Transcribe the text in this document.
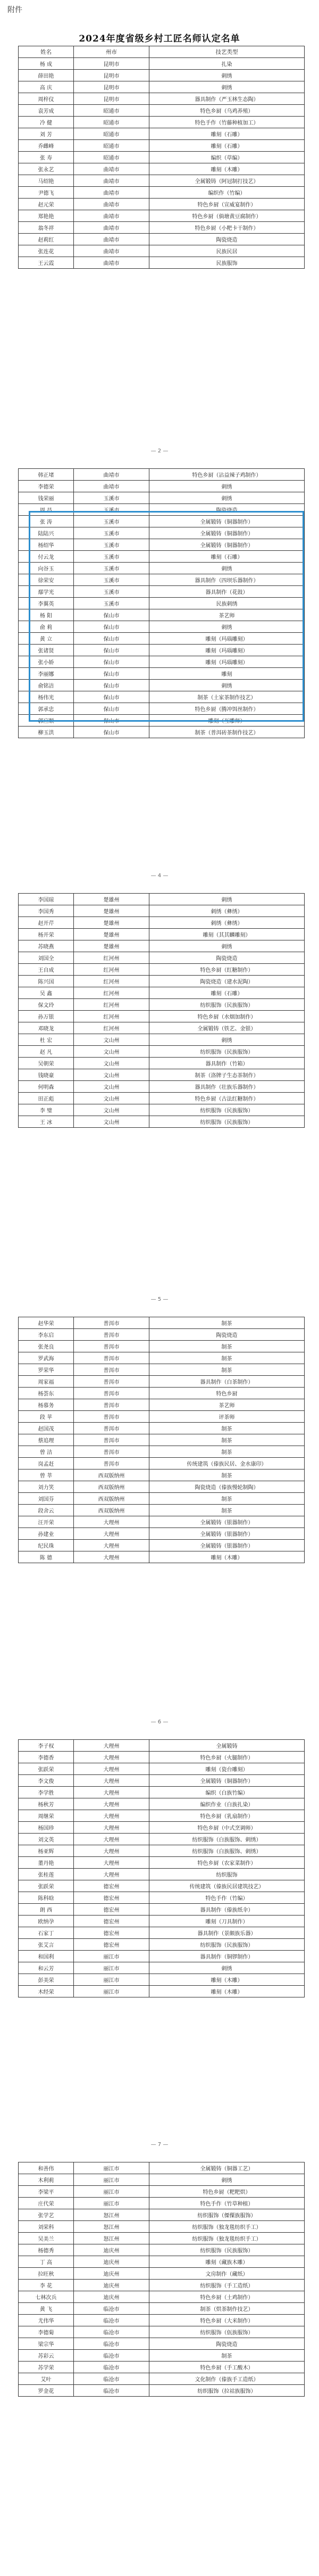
附件
2024年度省级乡村工匠名师认定名单
姓名	州市	技艺类型
杨 成	昆明市	扎染
薛田艳	昆明市	刺绣
高 庆	昆明市	刺绣
周梓仪	昆明市	器具制作（严玉林生态陶）
袁芳成	昭通市	特色乡厨（乌鸡养殖）
冷 健	昭通市	特色手作（竹藤种植加工）
刘 芳	昭通市	雕刻（石雕）
乔雌峰	昭通市	雕刻（石雕）
张 寿	昭通市	编织（草编）
张永艺	曲靖市	雕刻（木雕）
马绍艳	曲靖市	全属锻铸（阿冠制打技艺）
尹德飞	曲靖市	编织作（竹编）
赵元荣	曲靖市	特色乡厨（宣威宴制作）
郑艳艳	曲靖市	特色乡厨（倘塘黄豆腐制作）
翁冬祥	曲靖市	特色乡厨（小粑卡干制作）
赵莉红	曲靖市	陶瓷烧造
张连花	曲靖市	民族民居
王云霞	曲靖市	民族服饰
— 2 —
韩正堵	曲靖市	特色乡厨（沾益辣子鸡制作）
李德荣	曲靖市	刺绣
钱荣丽	玉溪市	刺绣
周 昌	玉溪市	陶瓷烧造
张 涛	玉溪市	全属锻铸（铜器制作）
陆陆兴	玉溪市	全属锻铸（铜器制作）
杨绍华	玉溪市	全属锻铸（铜器制作）
付云龙	玉溪市	雕刻（石雕）
向谷玉	玉溪市	刺绣
徐荣安	玉溪市	器具制作（四坝乐器制作）
鄢学光	玉溪市	器具制作（花鼓）
李翼英	玉溪市	民族刺绣
杨 阳	保山市	茶艺师
俞 莉	保山市	刺绣
黄 立	保山市	雕刻（玛瑙雕刻）
张诸贤	保山市	雕刻（玛瑙雕刻）
张小娇	保山市	雕刻（玛瑙雕刻）
李丽娜	保山市	雕刻
俞铭洁	保山市	刺绣
杨伟光	保山市	制茶（土家茶制作技艺）
郭承忠	保山市	特色乡厨（腾冲饵丝制作）
郭应顺	保山市	雕刻（互雕师）
柳玉洪	保山市	制茶（普洱砖茶制作技艺）
— 4 —
李国琼	楚雄州	刺绣
李国秀	楚雄州	刺绣（彝绣）
赵开芹	楚雄州	刺绣（彝绣）
杨开荣	楚雄州	雕刻（其其麟雕刻）
苏晓燕	楚雄州	刺绣
刘国全	红河州	陶瓷烧造
王自成	红河州	特色乡厨（红糖制作）
陈兴国	红河州	陶瓷烧造（建水泥陶）
吴 鑫	红河州	雕刻（石雕）
保文玲	红河州	纺织服饰（民族服饰）
孙万银	红河州	特色乡厨（水烟加制作）
邓晓龙	红河州	全属锻铸（铁艺、金银）
杜 宏	文山州	刺绣
赵 凡	文山州	纺织服饰（民族服饰）
吴朝荣	文山州	器具制作（竹箱）
钱晓豪	文山州	制茶（洛牌子生态茶制作）
何明森	文山州	器具制作（壮族乐器制作）
田正彪	文山州	特色乡厨（古法红糖制作）
李 璧	文山州	纺织服饰（民族服饰）
王 冰	文山州	纺织服饰（民族服饰）
— 5 —
赵华荣	普洱市	制茶
李东启	普洱市	陶瓷烧造
张尧良	普洱市	制茶
罗武海	普洱市	制茶
罗荣华	普洱市	制茶
周家福	普洱市	器具制作（白茶制作）
杨荟东	普洱市	特色乡厨
杨慕务	普洱市	茶艺师
段 苹	普洱市	评茶师
赵国茂	普洱市	制茶
蔡追理	普洱市	制茶
曾 洁	普洱市	制茶
岗孟赶	普洱市	传统建筑（傣族民居、金水康印）
曾 莘	西双版纳州	制茶
刘力笑	西双版纳州	陶瓷烧造（傣族慢轮制陶）
刘国芬	西双版纳州	制茶
段舍云	西双版纳州	制茶
汪开荣	大理州	全属锻铸（银器制作）
孙建业	大理州	全属锻铸（银器制作）
纪民珠	大理州	全属锻铸（银器制作）
陈 德	大理州	雕刻（木雕）
— 6 —
李子权	大理州	全属锻铸
李德香	大理州	特色乡厨（火腿制作）
张跃荣	大理州	雕刻（瓷台雕刻）
李文俊	大理州	全属锻铸（铜器制作）
李学胜	大理州	编织（白族竹编）
杨秋芳	大理州	编织作业（白族扎染）
周继荣	大理州	特色乡厨（乳扇制作）
杨国珍	大理州	特色乡厨（中式烹调师）
刘文英	大理州	纺织服饰（白族服饰、刺绣）
杨亚辉	大理州	纺织服饰（白族服饰、刺绣）
董丹艳	大理州	特色乡厨（农家菜制作）
张桂莲	大理州	纺织服饰
张跃荣	德宏州	传统建筑（傣族民居建筑技艺）
陈科晗	德宏州	特色手作（竹编）
朗 西	德宏州	器具制作（傣族纸伞）
欧纳孕	德宏州	雕刻（刀具制作）
石家丁	德宏州	器具制作（景颇族乐器）
张艾言	德宏州	纺织服饰（民族服饰）
和国利	丽江市	器具制作（铜锣制作）
和云芳	丽江市	刺绣
彭美荣	丽江市	雕刻（木雕）
木经荣	丽江市	雕刻（木雕）
— 7 —
和善伟	丽江市	全属锻铸（铜器工艺）
木利莉	丽江市	刺绣
李梁平	丽江市	特色乡厨（粑粑烘）
庄代荣	丽江市	特色手作（竹草种植）
张学艺	怒江州	纺织服饰（傈僳族服饰）
刘荣科	怒江州	纺织服饰（独龙毯纺织手工）
吴美兰	怒江州	纺织服饰（独龙毯纺织手工）
杨德秀	迪庆州	纺织服饰（民族服饰）
丁 高	迪庆州	雕刻（藏族木雕）
拉旺秋	迪庆州	文房制作（藏纸）
李 花	迪庆州	纺织服饰（手工造纸）
七林次兵	迪庆州	特色乡厨（土鸡制作）
黄 飞	临沧市	制茶（烘茶制作技艺）
尤伟华	临沧市	特色乡厨（大米制作）
李德菊	临沧市	纺织服饰（佤族服饰）
梁宗华	临沧市	陶瓷烧造
苏彩云	临沧市	制茶
苏学荣	临沧市	特色乡厨（手工酸木）
艾叶	临沧市	文化制作（傣族手工造纸）
罗金花	临沧市	纺织服饰（拉祜族服饰）
